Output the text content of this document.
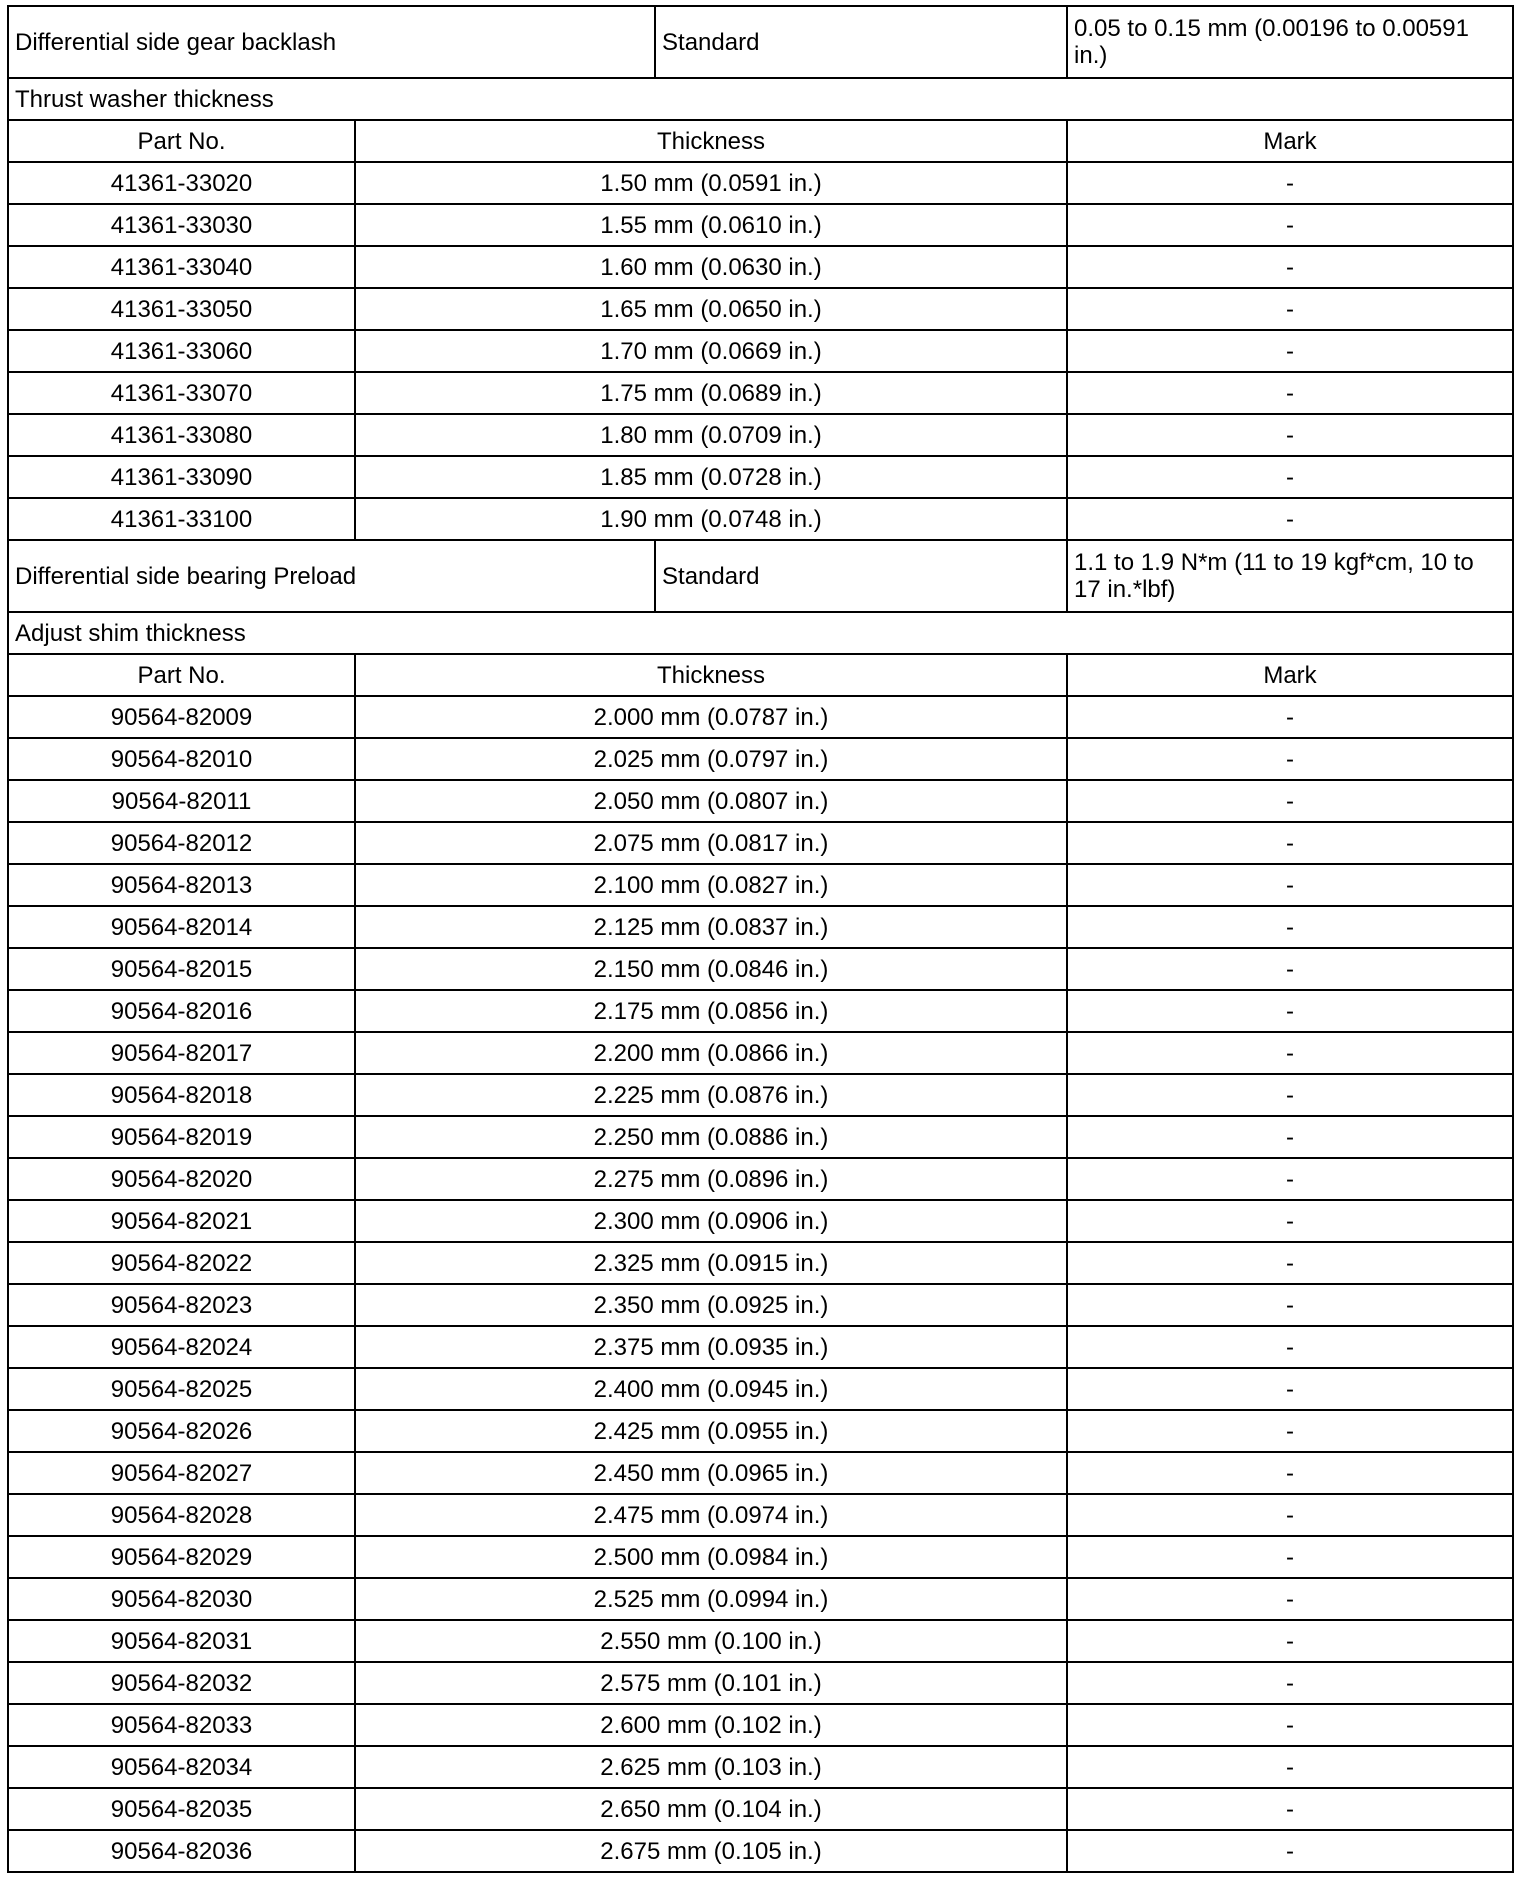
Differential side gear backlash		Standard	0.05 to 0.15 mm (0.00196 to 0.00591 in.)
Thrust washer thickness			
Part No.	Thickness		Mark
41361-33020	1.50 mm (0.0591 in.)		-
41361-33030	1.55 mm (0.0610 in.)		-
41361-33040	1.60 mm (0.0630 in.)		-
41361-33050	1.65 mm (0.0650 in.)		-
41361-33060	1.70 mm (0.0669 in.)		-
41361-33070	1.75 mm (0.0689 in.)		-
41361-33080	1.80 mm (0.0709 in.)		-
41361-33090	1.85 mm (0.0728 in.)		-
41361-33100	1.90 mm (0.0748 in.)		-
Differential side bearing Preload		Standard	1.1 to 1.9 N*m (11 to 19 kgf*cm, 10 to 17 in.*lbf)
Adjust shim thickness			
Part No.	Thickness		Mark
90564-82009	2.000 mm (0.0787 in.)		-
90564-82010	2.025 mm (0.0797 in.)		-
90564-82011	2.050 mm (0.0807 in.)		-
90564-82012	2.075 mm (0.0817 in.)		-
90564-82013	2.100 mm (0.0827 in.)		-
90564-82014	2.125 mm (0.0837 in.)		-
90564-82015	2.150 mm (0.0846 in.)		-
90564-82016	2.175 mm (0.0856 in.)		-
90564-82017	2.200 mm (0.0866 in.)		-
90564-82018	2.225 mm (0.0876 in.)		-
90564-82019	2.250 mm (0.0886 in.)		-
90564-82020	2.275 mm (0.0896 in.)		-
90564-82021	2.300 mm (0.0906 in.)		-
90564-82022	2.325 mm (0.0915 in.)		-
90564-82023	2.350 mm (0.0925 in.)		-
90564-82024	2.375 mm (0.0935 in.)		-
90564-82025	2.400 mm (0.0945 in.)		-
90564-82026	2.425 mm (0.0955 in.)		-
90564-82027	2.450 mm (0.0965 in.)		-
90564-82028	2.475 mm (0.0974 in.)		-
90564-82029	2.500 mm (0.0984 in.)		-
90564-82030	2.525 mm (0.0994 in.)		-
90564-82031	2.550 mm (0.100 in.)		-
90564-82032	2.575 mm (0.101 in.)		-
90564-82033	2.600 mm (0.102 in.)		-
90564-82034	2.625 mm (0.103 in.)		-
90564-82035	2.650 mm (0.104 in.)		-
90564-82036	2.675 mm (0.105 in.)		-
